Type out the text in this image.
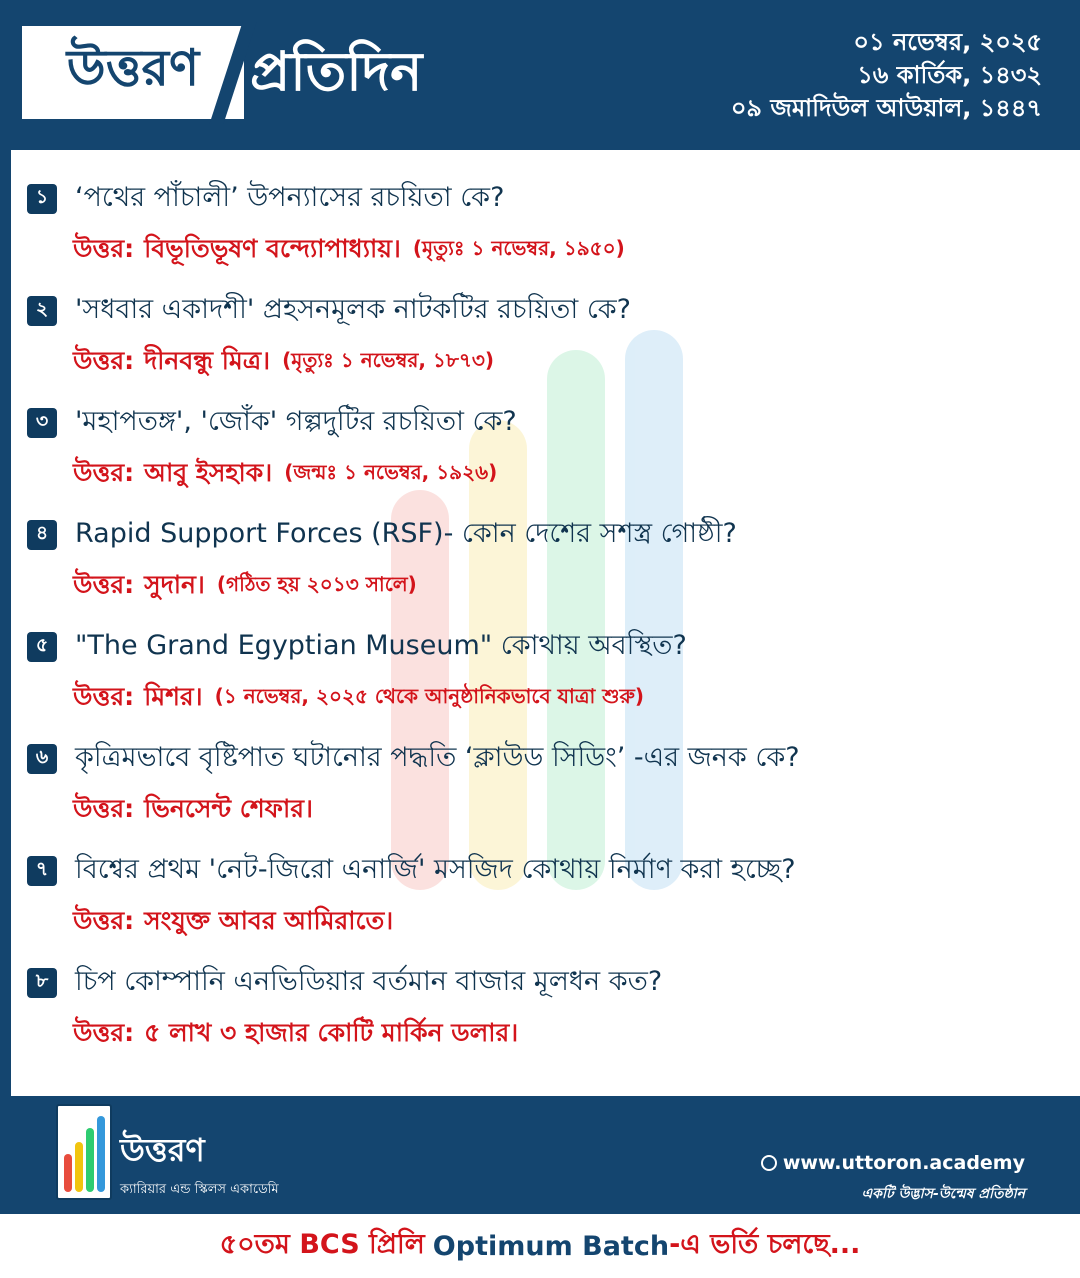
উত্তরণ প্রতিদিন	০১ নভেম্বর, ২০২৫
১৬ কার্তিক, ১৪৩২
০৯ জমাদিউল আউয়াল, ১৪৪৭
১ ‘পথের পাঁচালী’ উপন্যাসের রচয়িতা কে?
উত্তর: বিভূতিভূষণ বন্দ্যোপাধ্যায়। (মৃত্যুঃ ১ নভেম্বর, ১৯৫০)
২ 'সধবার একাদশী' প্রহসনমূলক নাটকটির রচয়িতা কে?
উত্তর: দীনবন্ধু মিত্র। (মৃত্যুঃ ১ নভেম্বর, ১৮৭৩)
৩ 'মহাপতঙ্গ', 'জোঁক' গল্পদুটির রচয়িতা কে?
উত্তর: আবু ইসহাক। (জন্মঃ ১ নভেম্বর, ১৯২৬)
৪ Rapid Support Forces (RSF)- কোন দেশের সশস্ত্র গোষ্ঠী?
উত্তর: সুদান। (গঠিত হয় ২০১৩ সালে)
৫ "The Grand Egyptian Museum" কোথায় অবস্থিত?
উত্তর: মিশর। (১ নভেম্বর, ২০২৫ থেকে আনুষ্ঠানিকভাবে যাত্রা শুরু)
৬ কৃত্রিমভাবে বৃষ্টিপাত ঘটানোর পদ্ধতি ‘ক্লাউড সিডিং’ -এর জনক কে?
উত্তর: ভিনসেন্ট শেফার।
৭ বিশ্বের প্রথম 'নেট-জিরো এনার্জি' মসজিদ কোথায় নির্মাণ করা হচ্ছে?
উত্তর: সংযুক্ত আবর আমিরাতে।
৮ চিপ কোম্পানি এনভিডিয়ার বর্তমান বাজার মূলধন কত?
উত্তর: ৫ লাখ ৩ হাজার কোটি মার্কিন ডলার।
উত্তরণ
ক্যারিয়ার এন্ড স্কিলস একাডেমি
www.uttoron.academy
একটি উদ্ভাস-উন্মেষ প্রতিষ্ঠান
৫০তম BCS প্রিলি Optimum Batch -এ ভর্তি চলছে...
